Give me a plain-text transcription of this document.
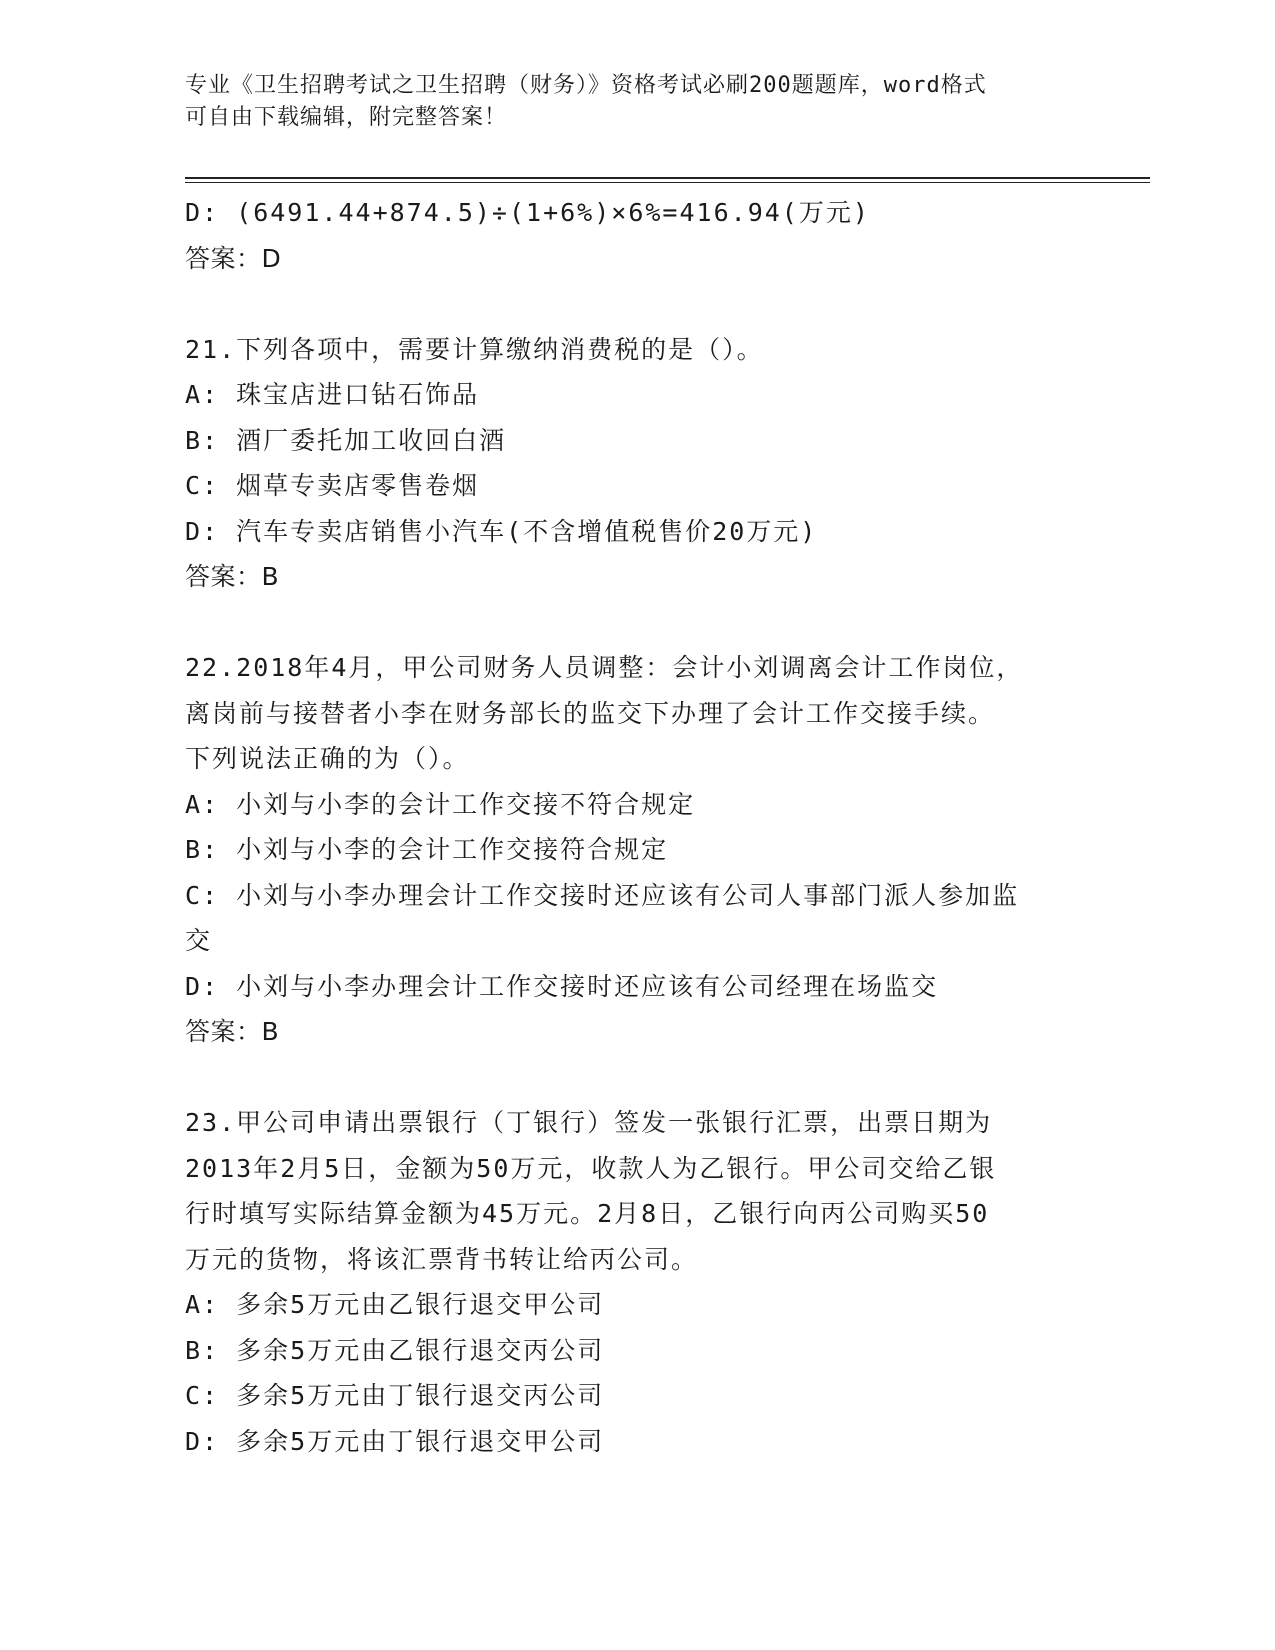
专业《卫生招聘考试之卫生招聘（财务）》资格考试必刷200题题库，word格式
可自由下载编辑，附完整答案！

D: (6491.44+874.5)÷(1+6%)×6%=416.94(万元)

答案：D

21.下列各项中，需要计算缴纳消费税的是（）。

A: 珠宝店进口钻石饰品

B: 酒厂委托加工收回白酒

C: 烟草专卖店零售卷烟

D: 汽车专卖店销售小汽车(不含增值税售价20万元)

答案：B

22.2018年4月，甲公司财务人员调整：会计小刘调离会计工作岗位，

离岗前与接替者小李在财务部长的监交下办理了会计工作交接手续。

下列说法正确的为（）。

A: 小刘与小李的会计工作交接不符合规定

B: 小刘与小李的会计工作交接符合规定

C: 小刘与小李办理会计工作交接时还应该有公司人事部门派人参加监

交

D: 小刘与小李办理会计工作交接时还应该有公司经理在场监交

答案：B

23.甲公司申请出票银行（丁银行）签发一张银行汇票，出票日期为

2013年2月5日，金额为50万元，收款人为乙银行。甲公司交给乙银

行时填写实际结算金额为45万元。2月8日，乙银行向丙公司购买50

万元的货物，将该汇票背书转让给丙公司。

A: 多余5万元由乙银行退交甲公司

B: 多余5万元由乙银行退交丙公司

C: 多余5万元由丁银行退交丙公司

D: 多余5万元由丁银行退交甲公司
